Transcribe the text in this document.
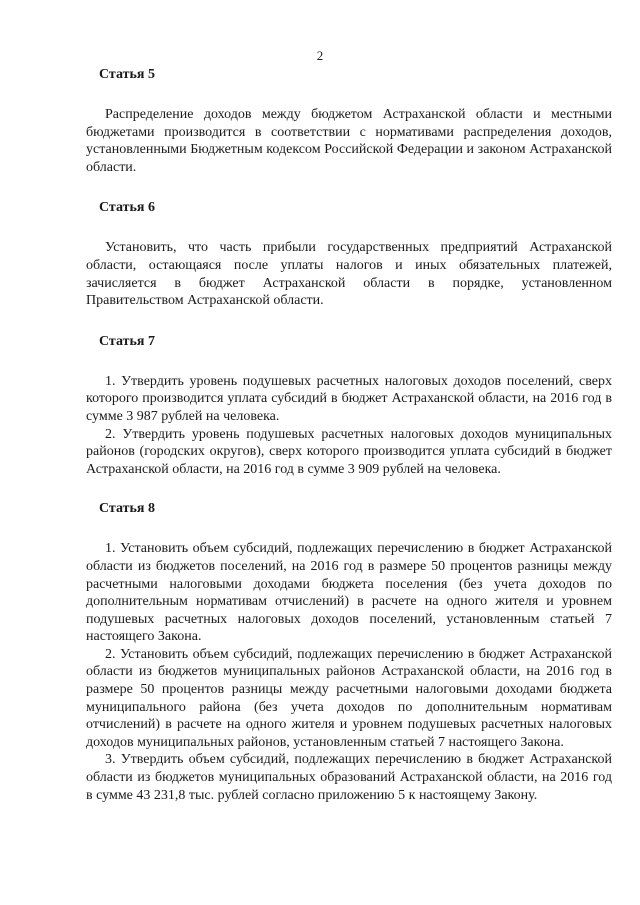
2

Статья 5

Распределение доходов между бюджетом Астраханской области и местными бюджетами производится в соответствии с нормативами распределения доходов, установленными Бюджетным кодексом Российской Федерации и законом Астраханской области.

Статья 6

Установить, что часть прибыли государственных предприятий Астраханской области, остающаяся после уплаты налогов и иных обязательных платежей, зачисляется в бюджет Астраханской области в порядке, установленном Правительством Астраханской области.

Статья 7

1. Утвердить уровень подушевых расчетных налоговых доходов поселений, сверх которого производится уплата субсидий в бюджет Астраханской области, на 2016 год в сумме 3 987 рублей на человека.

2. Утвердить уровень подушевых расчетных налоговых доходов муниципальных районов (городских округов), сверх которого производится уплата субсидий в бюджет Астраханской области, на 2016 год в сумме 3 909 рублей на человека.

Статья 8

1. Установить объем субсидий, подлежащих перечислению в бюджет Астраханской области из бюджетов поселений, на 2016 год в размере 50 процентов разницы между расчетными налоговыми доходами бюджета поселения (без учета доходов по дополнительным нормативам отчислений) в расчете на одного жителя и уровнем подушевых расчетных налоговых доходов поселений, установленным статьей 7 настоящего Закона.

2. Установить объем субсидий, подлежащих перечислению в бюджет Астраханской области из бюджетов муниципальных районов Астраханской области, на 2016 год в размере 50 процентов разницы между расчетными налоговыми доходами бюджета муниципального района (без учета доходов по дополнительным нормативам отчислений) в расчете на одного жителя и уровнем подушевых расчетных налоговых доходов муниципальных районов, установленным статьей 7 настоящего Закона.

3. Утвердить объем субсидий, подлежащих перечислению в бюджет Астраханской области из бюджетов муниципальных образований Астраханской области, на 2016 год в сумме 43 231,8 тыс. рублей согласно приложению 5 к настоящему Закону.
